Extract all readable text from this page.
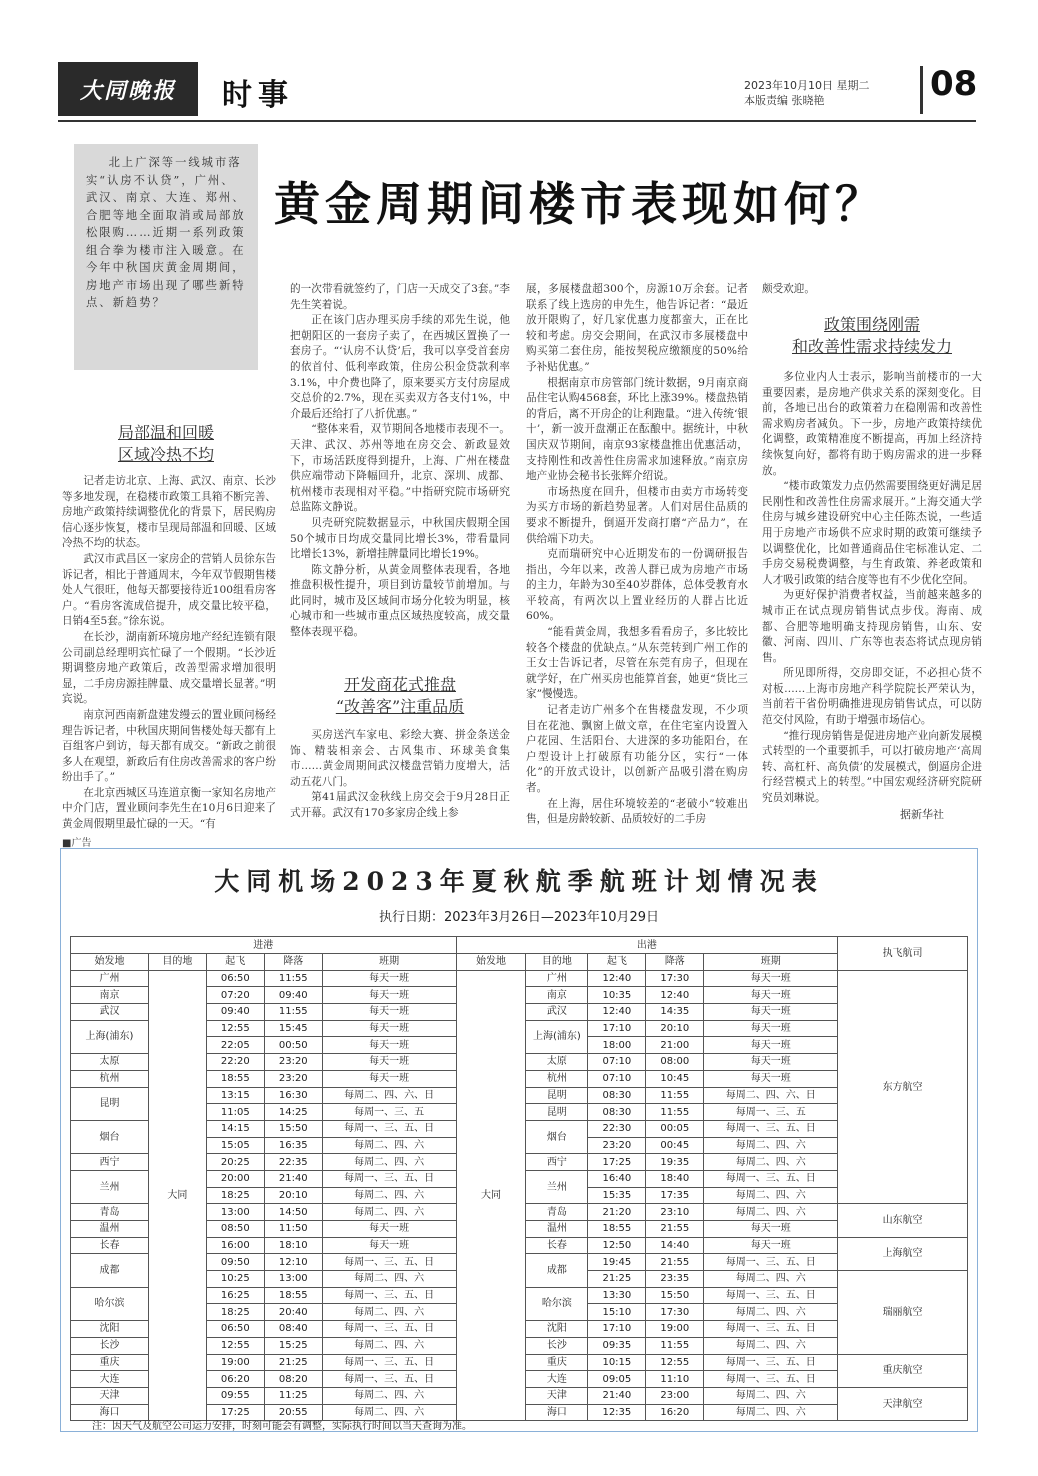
大同晚报	时事	2023年10月10日 星期二
本版责编 张晓艳	08
北上广深等一线城市落实“认房不认贷”，广州、武汉、南京、大连、郑州、合肥等地全面取消或局部放松限购……近期一系列政策组合拳为楼市注入暖意。在今年中秋国庆黄金周期间，房地产市场出现了哪些新特点、新趋势？
黄金周期间楼市表现如何？
局部温和回暖
区域冷热不均

记者走访北京、上海、武汉、南京、长沙等多地发现，在稳楼市政策工具箱不断完善、房地产政策持续调整优化的背景下，居民购房信心逐步恢复，楼市呈现局部温和回暖、区域冷热不均的状态。

武汉市武昌区一家房企的营销人员徐东告诉记者，相比于普通周末，今年双节假期售楼处人气很旺，他每天都要接待近100组看房客户。“看房客流成倍提升，成交量比较平稳，日销4至5套。”徐东说。

在长沙，湖南新环境房地产经纪连锁有限公司副总经理明宾忙碌了一个假期。“长沙近期调整房地产政策后，改善型需求增加很明显，二手房房源挂牌量、成交量增长显著。”明宾说。

南京河西南新盘建发缦云的置业顾问杨经理告诉记者，中秋国庆期间售楼处每天都有上百组客户到访，每天都有成交。“新政之前很多人在观望，新政后有住房改善需求的客户纷纷出手了。”

在北京西城区马连道京衡一家知名房地产中介门店，置业顾问李先生在10月6日迎来了黄金周假期里最忙碌的一天。“有

的一次带看就签约了，门店一天成交了3套。”李先生笑着说。

正在该门店办理买房手续的邓先生说，他把朝阳区的一套房子卖了，在西城区置换了一套房子。“‘认房不认贷’后，我可以享受首套房的依首付、低利率政策，住房公积金贷款利率3.1%，中介费也降了，原来要买方支付房屋成交总价的2.7%，现在买卖双方各支付1%，中介最后还给打了八折优惠。”

“整体来看，双节期间各地楼市表现不一。天津、武汉、苏州等地在房交会、新政显效下，市场活跃度得到提升，上海、广州在楼盘供应端带动下降幅回升，北京、深圳、成都、杭州楼市表现相对平稳。”中指研究院市场研究总监陈文静说。

贝壳研究院数据显示，中秋国庆假期全国50个城市日均成交量同比增长3%，带看量同比增长13%，新增挂牌量同比增长19%。

陈文静分析，从黄金周整体表现看，各地推盘积极性提升，项目到访量较节前增加。与此同时，城市及区域间市场分化较为明显，核心城市和一些城市重点区域热度较高，成交量整体表现平稳。

开发商花式推盘
“改善客”注重品质

买房送汽车家电、彩绘大赛、拼金条送金饰、精装相亲会、古风集市、环球美食集市……黄金周期间武汉楼盘营销力度增大，活动五花八门。

第41届武汉金秋线上房交会于9月28日正式开幕。武汉有170多家房企线上参

展，多展楼盘超300个，房源10万余套。记者联系了线上选房的申先生，他告诉记者：“最近放开限购了，好几家优惠力度都蛮大，正在比较和考虑。房交会期间，在武汉市多展楼盘中购买第二套住房，能按契税应缴额度的50%给予补贴优惠。”

根据南京市房管部门统计数据，9月南京商品住宅认购4568套，环比上涨39%。楼盘热销的背后，离不开房企的让利跑量。“进入传统‘银十’，新一波开盘潮正在酝酿中。据统计，中秋国庆双节期间，南京93家楼盘推出优惠活动，支持刚性和改善性住房需求加速释放。”南京房地产业协会秘书长张辉介绍说。

市场热度在回升，但楼市由卖方市场转变为买方市场的新趋势显著。人们对居住品质的要求不断提升，倒逼开发商打磨“产品力”，在供给端下功夫。

克而瑞研究中心近期发布的一份调研报告指出，今年以来，改善人群已成为房地产市场的主力，年龄为30至40岁群体，总体受教育水平较高，有两次以上置业经历的人群占比近60%。

“能看黄金周，我想多看看房子，多比较比较各个楼盘的优缺点。”从东莞转到广州工作的王女士告诉记者，尽管在东莞有房子，但现在就学好，在广州买房也能算首套，她更“货比三家”慢慢选。

记者走访广州多个在售楼盘发现，不少项目在花池、飘窗上做文章，在住宅室内设置入户花园、生活阳台、大进深的多功能阳台，在户型设计上打破原有功能分区，实行“一体化”的开放式设计，以创新产品吸引潜在购房者。

在上海，居住环境较差的“老破小”较难出售，但是房龄较新、品质较好的二手房

颇受欢迎。

政策围绕刚需
和改善性需求持续发力

多位业内人士表示，影响当前楼市的一大重要因素，是房地产供求关系的深刻变化。目前，各地已出台的政策着力在稳刚需和改善性需求购房者减负。下一步，房地产政策持续优化调整，政策精准度不断提高，再加上经济持续恢复向好，都将有助于购房需求的进一步释放。

“楼市政策发力点仍然需要围绕更好满足居民刚性和改善性住房需求展开。”上海交通大学住房与城乡建设研究中心主任陈杰说，一些适用于房地产市场供不应求时期的政策可继续予以调整优化，比如普通商品住宅标准认定、二手房交易税费调整，与生育政策、养老政策和人才吸引政策的结合度等也有不少优化空间。

为更好保护消费者权益，当前越来越多的城市正在试点现房销售试点步伐。海南、成都、合肥等地明确支持现房销售，山东、安徽、河南、四川、广东等也表态将试点现房销售。

所见即所得，交房即交证，不必担心货不对板……上海市房地产科学院院长严荣认为，当前若干省份明确推进现房销售试点，可以防范交付风险，有助于增强市场信心。

“推行现房销售是促进房地产业向新发展模式转型的一个重要抓手，可以打破房地产‘高周转、高杠杆、高负债’的发展模式，倒逼房企进行经营模式上的转型。”中国宏观经济研究院研究员刘琳说。

据新华社
■广告
大同机场2023年夏秋航季航班计划情况表
执行日期：2023年3月26日—2023年10月29日
进港					出港					执飞航司
始发地	目的地	起飞	降落	班期	始发地	目的地	起飞	降落	班期	
广州	大同	06:50	11:55	每天一班	大同	广州	12:40	17:30	每天一班	东方航空
南京		07:20	09:40	每天一班		南京	10:35	12:40	每天一班	
武汉		09:40	11:55	每天一班		武汉	12:40	14:35	每天一班	
上海(浦东)		12:55	15:45	每天一班		上海(浦东)	17:10	20:10	每天一班	
		22:05	00:50	每天一班			18:00	21:00	每天一班	
太原		22:20	23:20	每天一班		太原	07:10	08:00	每天一班	
杭州		18:55	23:20	每天一班		杭州	07:10	10:45	每天一班	
昆明		13:15	16:30	每周二、四、六、日		昆明	08:30	11:55	每周二、四、六、日	
		11:05	14:25	每周一、三、五		昆明	08:30	11:55	每周一、三、五	
烟台		14:15	15:50	每周一、三、五、日		烟台	22:30	00:05	每周一、三、五、日	
		15:05	16:35	每周二、四、六			23:20	00:45	每周二、四、六	
西宁		20:25	22:35	每周二、四、六		西宁	17:25	19:35	每周二、四、六	
兰州		20:00	21:40	每周一、三、五、日		兰州	16:40	18:40	每周一、三、五、日	
		18:25	20:10	每周二、四、六			15:35	17:35	每周二、四、六	
青岛		13:00	14:50	每周二、四、六		青岛	21:20	23:10	每周二、四、六	山东航空
温州		08:50	11:50	每天一班		温州	18:55	21:55	每天一班	
长春		16:00	18:10	每天一班		长春	12:50	14:40	每天一班	上海航空
成都		09:50	12:10	每周一、三、五、日		成都	19:45	21:55	每周一、三、五、日	
		10:25	13:00	每周二、四、六			21:25	23:35	每周二、四、六	瑞丽航空
哈尔滨		16:25	18:55	每周一、三、五、日		哈尔滨	13:30	15:50	每周一、三、五、日	
		18:25	20:40	每周二、四、六			15:10	17:30	每周二、四、六	
沈阳		06:50	08:40	每周一、三、五、日		沈阳	17:10	19:00	每周一、三、五、日	
长沙		12:55	15:25	每周二、四、六		长沙	09:35	11:55	每周二、四、六	
重庆		19:00	21:25	每周一、三、五、日		重庆	10:15	12:55	每周一、三、五、日	重庆航空
大连		06:20	08:20	每周一、三、五、日		大连	09:05	11:10	每周一、三、五、日	
天津		09:55	11:25	每周二、四、六		天津	21:40	23:00	每周二、四、六	天津航空
海口		17:25	20:55	每周二、四、六		海口	12:35	16:20	每周二、四、六	
注：因天气及航空公司运力安排，时刻可能会有调整，实际执行时间以当天查询为准。
